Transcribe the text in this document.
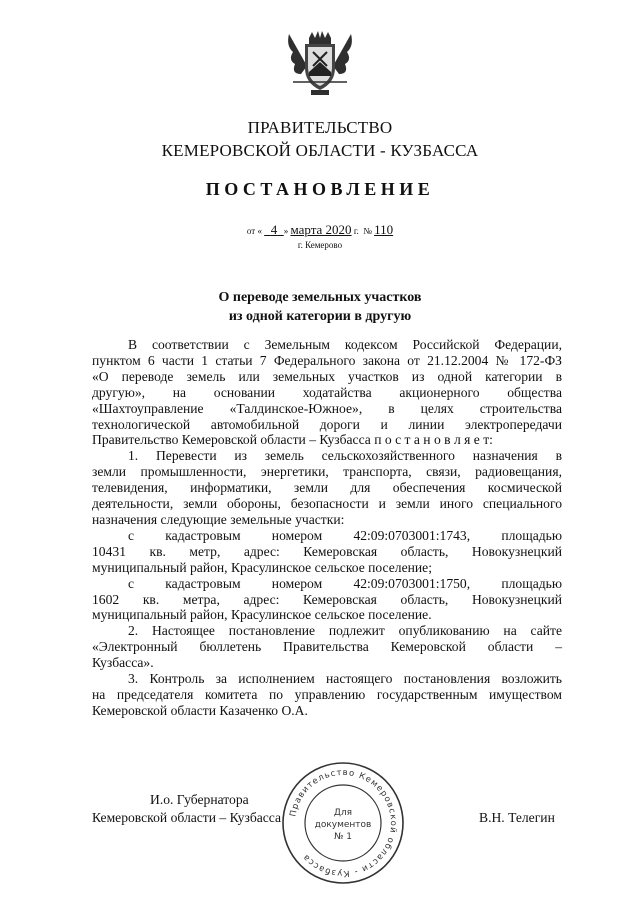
ПРАВИТЕЛЬСТВО
КЕМЕРОВСКОЙ ОБЛАСТИ - КУЗБАССА
ПОСТАНОВЛЕНИЕ
от « 4 » марта 2020 г. № 110
г. Кемерово
О переводе земельных участков
из одной категории в другую

В соответствии с Земельным кодексом Российской Федерации,

пунктом 6 части 1 статьи 7 Федерального закона от 21.12.2004 № 172-ФЗ

«О переводе земель или земельных участков из одной категории в

другую», на основании ходатайства акционерного общества

«Шахтоуправление «Талдинское-Южное», в целях строительства

технологической автомобильной дороги и линии электропередачи

Правительство Кемеровской области – Кузбасса п о с т а н о в л я е т:

1. Перевести из земель сельскохозяйственного назначения в

земли промышленности, энергетики, транспорта, связи, радиовещания,

телевидения, информатики, земли для обеспечения космической

деятельности, земли обороны, безопасности и земли иного специального

назначения следующие земельные участки:

с кадастровым номером 42:09:0703001:1743, площадью

10431 кв. метр, адрес: Кемеровская область, Новокузнецкий

муниципальный район, Красулинское сельское поселение;

с кадастровым номером 42:09:0703001:1750, площадью

1602 кв. метра, адрес: Кемеровская область, Новокузнецкий

муниципальный район, Красулинское сельское поселение.

2. Настоящее постановление подлежит опубликованию на сайте

«Электронный бюллетень Правительства Кемеровской области –

Кузбасса».

3. Контроль за исполнением настоящего постановления возложить

на председателя комитета по управлению государственным имуществом

Кемеровской области Казаченко О.А.

И.о. Губернатора
Кемеровской области – Кузбасса	В.Н. Телегин
Правительство Кемеровской области - Кузбасса
Для
документов
№ 1
